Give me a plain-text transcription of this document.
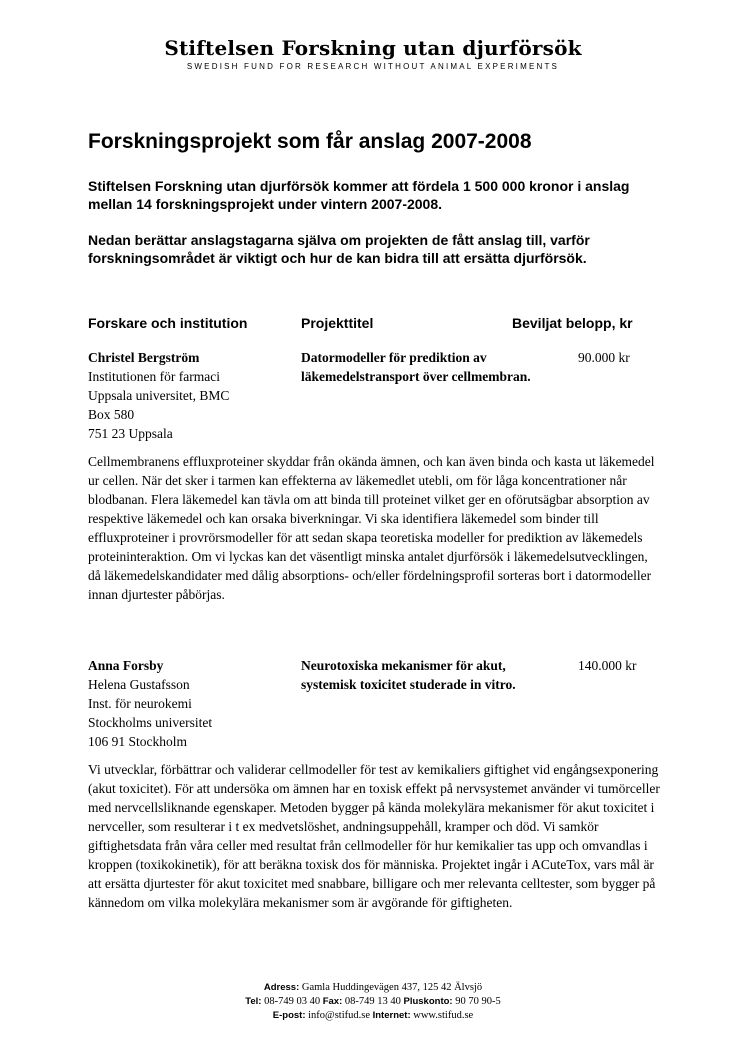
Stiftelsen Forskning utan djurförsök
SWEDISH FUND FOR RESEARCH WITHOUT ANIMAL EXPERIMENTS
Forskningsprojekt som får anslag 2007-2008
Stiftelsen Forskning utan djurförsök kommer att fördela 1 500 000 kronor i anslag mellan 14 forskningsprojekt under vintern 2007-2008.
Nedan berättar anslagstagarna själva om projekten de fått anslag till, varför forskningsområdet är viktigt och hur de kan bidra till att ersätta djurförsök.
Forskare och institution	Projekttitel	Beviljat belopp, kr
Christel Bergström
Institutionen för farmaci
Uppsala universitet, BMC
Box 580
751 23 Uppsala
Datormodeller för prediktion av
läkemedelstransport över cellmembran.
90.000 kr
Cellmembranens effluxproteiner skyddar från okända ämnen, och kan även binda och kasta ut läkemedel ur cellen. När det sker i tarmen kan effekterna av läkemedlet utebli, om för låga koncentrationer når blodbanan. Flera läkemedel kan tävla om att binda till proteinet vilket ger en oförutsägbar absorption av respektive läkemedel och kan orsaka biverkningar. Vi ska identifiera läkemedel som binder till effluxproteiner i provrörsmodeller för att sedan skapa teoretiska modeller for prediktion av läkemedels proteininteraktion. Om vi lyckas kan det väsentligt minska antalet djurförsök i läkemedelsutvecklingen, då läkemedelskandidater med dålig absorptions- och/eller fördelningsprofil sorteras bort i datormodeller innan djurtester påbörjas.
Anna Forsby
Helena Gustafsson
Inst. för neurokemi
Stockholms universitet
106 91 Stockholm
Neurotoxiska mekanismer för akut,
systemisk toxicitet studerade in vitro.
140.000 kr
Vi utvecklar, förbättrar och validerar cellmodeller för test av kemikaliers giftighet vid engångsexponering (akut toxicitet). För att undersöka om ämnen har en toxisk effekt på nervsystemet använder vi tumörceller med nervcellsliknande egenskaper. Metoden bygger på kända molekylära mekanismer för akut toxicitet i nervceller, som resulterar i t ex medvetslöshet, andningsuppehåll, kramper och död. Vi samkör giftighetsdata från våra celler med resultat från cellmodeller för hur kemikalier tas upp och omvandlas i kroppen (toxikokinetik), för att beräkna toxisk dos för människa. Projektet ingår i ACuteTox, vars mål är att ersätta djurtester för akut toxicitet med snabbare, billigare och mer relevanta celltester, som bygger på kännedom om vilka molekylära mekanismer som är avgörande för giftigheten.
Adress: Gamla Huddingevägen 437, 125 42 Älvsjö
Tel: 08-749 03 40 Fax: 08-749 13 40 Pluskonto: 90 70 90-5
E-post: info@stifud.se Internet: www.stifud.se
